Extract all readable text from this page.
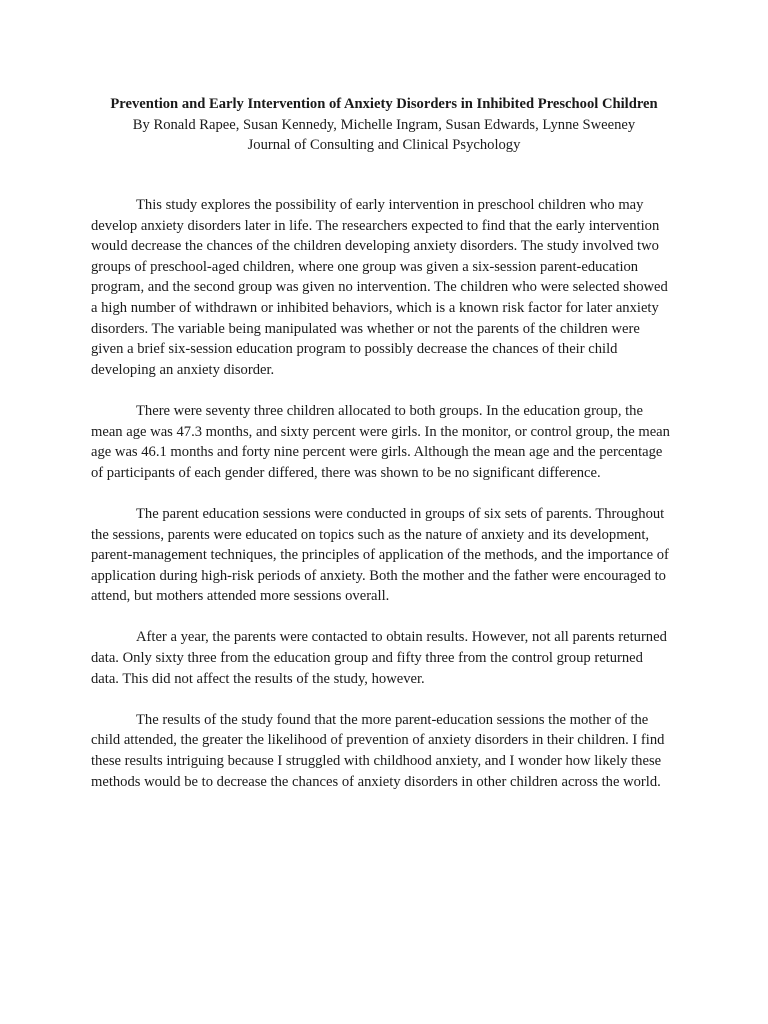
Prevention and Early Intervention of Anxiety Disorders in Inhibited Preschool Children
By Ronald Rapee, Susan Kennedy, Michelle Ingram, Susan Edwards, Lynne Sweeney
Journal of Consulting and Clinical Psychology

This study explores the possibility of early intervention in preschool children who may develop anxiety disorders later in life. The researchers expected to find that the early intervention would decrease the chances of the children developing anxiety disorders. The study involved two groups of preschool-aged children, where one group was given a six-session parent-education program, and the second group was given no intervention. The children who were selected showed a high number of withdrawn or inhibited behaviors, which is a known risk factor for later anxiety disorders. The variable being manipulated was whether or not the parents of the children were given a brief six-session education program to possibly decrease the chances of their child developing an anxiety disorder.

There were seventy three children allocated to both groups. In the education group, the mean age was 47.3 months, and sixty percent were girls. In the monitor, or control group, the mean age was 46.1 months and forty nine percent were girls. Although the mean age and the percentage of participants of each gender differed, there was shown to be no significant difference.

The parent education sessions were conducted in groups of six sets of parents. Throughout the sessions, parents were educated on topics such as the nature of anxiety and its development, parent-management techniques, the principles of application of the methods, and the importance of application during high-risk periods of anxiety. Both the mother and the father were encouraged to attend, but mothers attended more sessions overall.

After a year, the parents were contacted to obtain results. However, not all parents returned data. Only sixty three from the education group and fifty three from the control group returned data. This did not affect the results of the study, however.

The results of the study found that the more parent-education sessions the mother of the child attended, the greater the likelihood of prevention of anxiety disorders in their children. I find these results intriguing because I struggled with childhood anxiety, and I wonder how likely these methods would be to decrease the chances of anxiety disorders in other children across the world.
